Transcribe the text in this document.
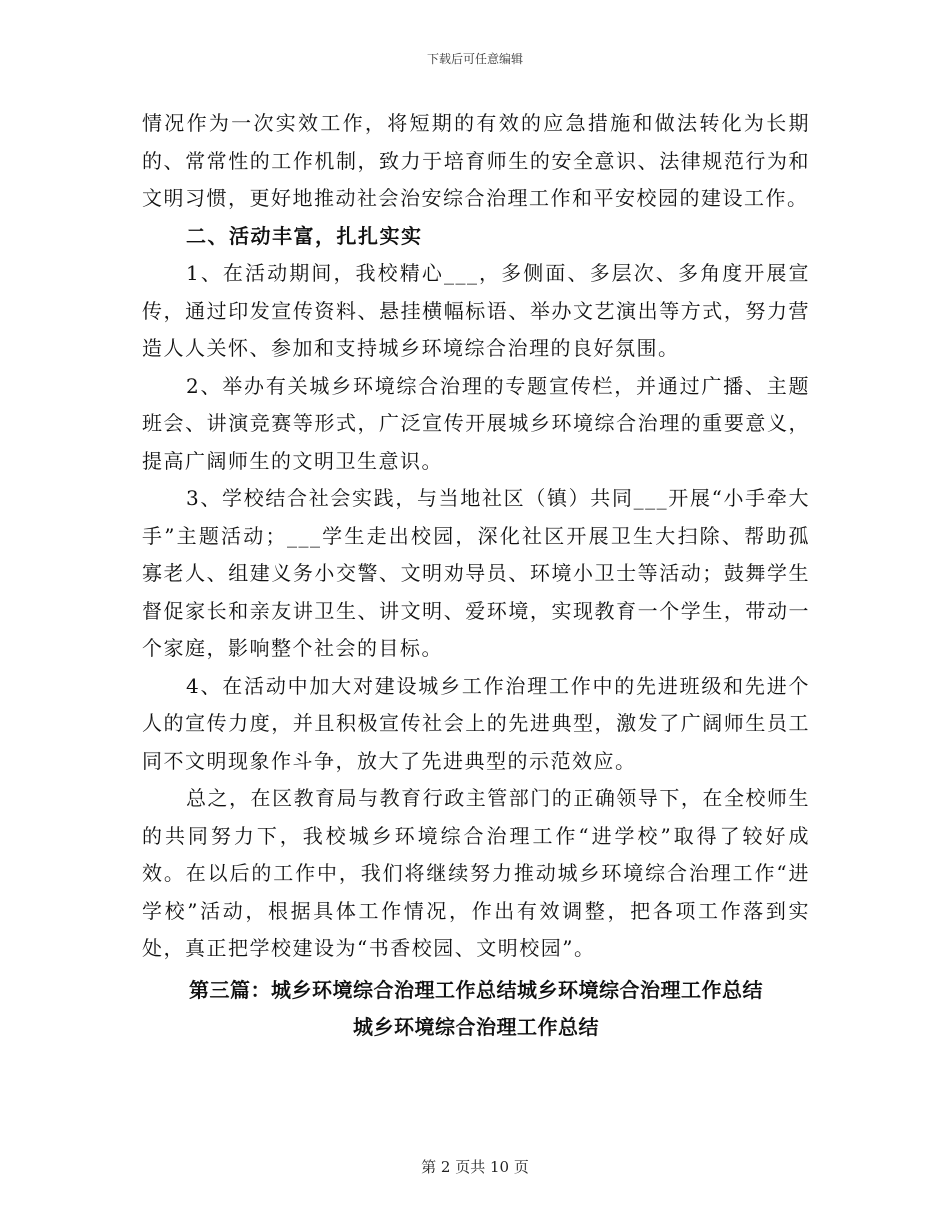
下载后可任意编辑

情况作为一次实效工作，将短期的有效的应急措施和做法转化为长期的、常常性的工作机制，致力于培育师生的安全意识、法律规范行为和文明习惯，更好地推动社会治安综合治理工作和平安校园的建设工作。

二、活动丰富，扎扎实实

1、在活动期间，我校精心___，多侧面、多层次、多角度开展宣传，通过印发宣传资料、悬挂横幅标语、举办文艺演出等方式，努力营造人人关怀、参加和支持城乡环境综合治理的良好氛围。

2、举办有关城乡环境综合治理的专题宣传栏，并通过广播、主题班会、讲演竞赛等形式，广泛宣传开展城乡环境综合治理的重要意义，提高广阔师生的文明卫生意识。

3、学校结合社会实践，与当地社区（镇）共同___开展“小手牵大手”主题活动；___学生走出校园，深化社区开展卫生大扫除、帮助孤寡老人、组建义务小交警、文明劝导员、环境小卫士等活动；鼓舞学生督促家长和亲友讲卫生、讲文明、爱环境，实现教育一个学生，带动一个家庭，影响整个社会的目标。

4、在活动中加大对建设城乡工作治理工作中的先进班级和先进个人的宣传力度，并且积极宣传社会上的先进典型，激发了广阔师生员工同不文明现象作斗争，放大了先进典型的示范效应。

总之，在区教育局与教育行政主管部门的正确领导下，在全校师生的共同努力下，我校城乡环境综合治理工作“进学校”取得了较好成效。在以后的工作中，我们将继续努力推动城乡环境综合治理工作“进学校”活动，根据具体工作情况，作出有效调整，把各项工作落到实处，真正把学校建设为“书香校园、文明校园”。

第三篇：城乡环境综合治理工作总结城乡环境综合治理工作总结

城乡环境综合治理工作总结

第 2 页共 10 页
